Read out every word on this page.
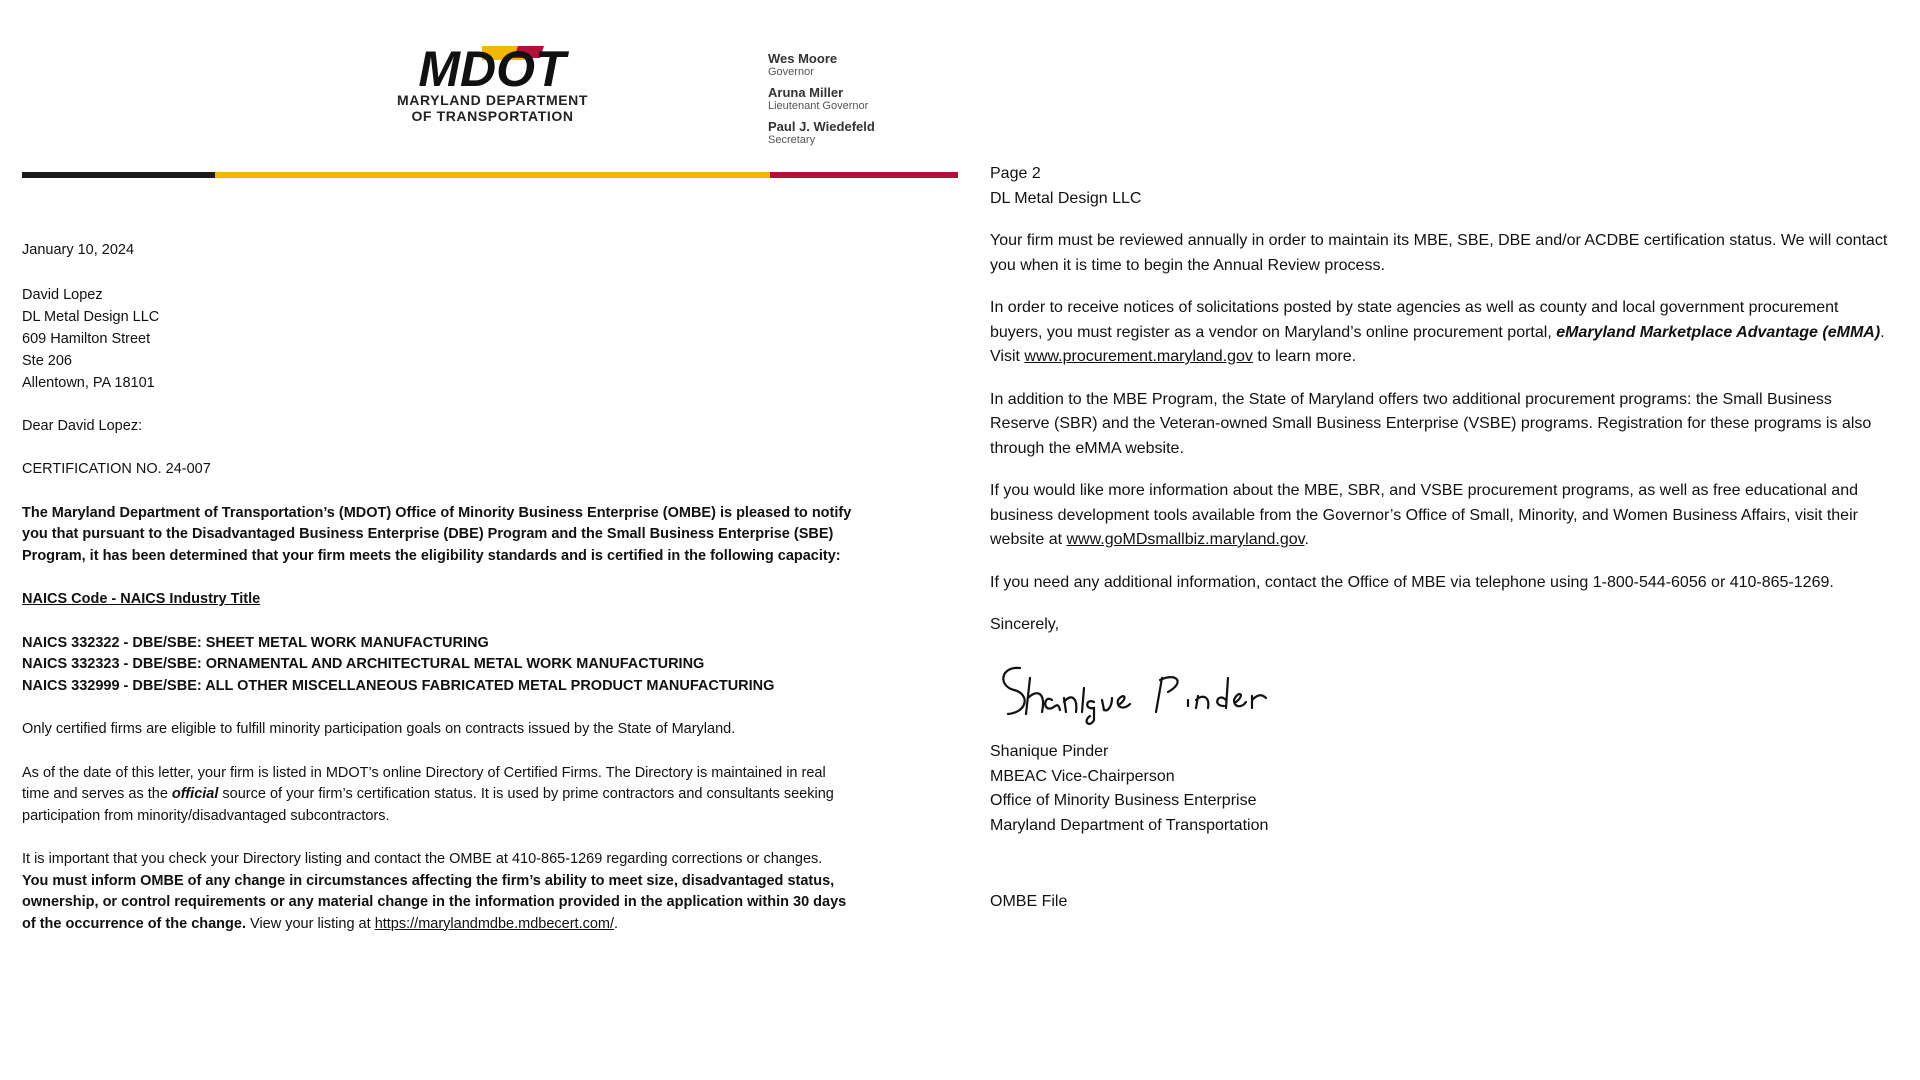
MDOT
MARYLAND DEPARTMENT
OF TRANSPORTATION
Wes Moore
Governor
Aruna Miller
Lieutenant Governor
Paul J. Wiedefeld
Secretary

January 10, 2024

David Lopez
DL Metal Design LLC
609 Hamilton Street
Ste 206
Allentown, PA 18101

Dear David Lopez:

CERTIFICATION NO. 24-007

The Maryland Department of Transportation’s (MDOT) Office of Minority Business Enterprise (OMBE) is pleased to notify you that pursuant to the Disadvantaged Business Enterprise (DBE) Program and the Small Business Enterprise (SBE) Program, it has been determined that your firm meets the eligibility standards and is certified in the following capacity:

NAICS Code - NAICS Industry Title

NAICS 332322 - DBE/SBE: SHEET METAL WORK MANUFACTURING
NAICS 332323 - DBE/SBE: ORNAMENTAL AND ARCHITECTURAL METAL WORK MANUFACTURING
NAICS 332999 - DBE/SBE: ALL OTHER MISCELLANEOUS FABRICATED METAL PRODUCT MANUFACTURING

Only certified firms are eligible to fulfill minority participation goals on contracts issued by the State of Maryland.

As of the date of this letter, your firm is listed in MDOT’s online Directory of Certified Firms. The Directory is maintained in real time and serves as the official source of your firm’s certification status. It is used by prime contractors and consultants seeking participation from minority/disadvantaged subcontractors.

It is important that you check your Directory listing and contact the OMBE at 410-865-1269 regarding corrections or changes. You must inform OMBE of any change in circumstances affecting the firm’s ability to meet size, disadvantaged status, ownership, or control requirements or any material change in the information provided in the application within 30 days of the occurrence of the change. View your listing at https://marylandmdbe.mdbecert.com/.

Page 2
DL Metal Design LLC

Your firm must be reviewed annually in order to maintain its MBE, SBE, DBE and/or ACDBE certification status. We will contact you when it is time to begin the Annual Review process.

In order to receive notices of solicitations posted by state agencies as well as county and local government procurement buyers, you must register as a vendor on Maryland’s online procurement portal, eMaryland Marketplace Advantage (eMMA). Visit www.procurement.maryland.gov to learn more.

In addition to the MBE Program, the State of Maryland offers two additional procurement programs: the Small Business Reserve (SBR) and the Veteran-owned Small Business Enterprise (VSBE) programs. Registration for these programs is also through the eMMA website.

If you would like more information about the MBE, SBR, and VSBE procurement programs, as well as free educational and business development tools available from the Governor’s Office of Small, Minority, and Women Business Affairs, visit their website at www.goMDsmallbiz.maryland.gov.

If you need any additional information, contact the Office of MBE via telephone using 1-800-544-6056 or 410-865-1269.

Sincerely,
Shanique Pinder
MBEAC Vice-Chairperson
Office of Minority Business Enterprise
Maryland Department of Transportation
OMBE File
